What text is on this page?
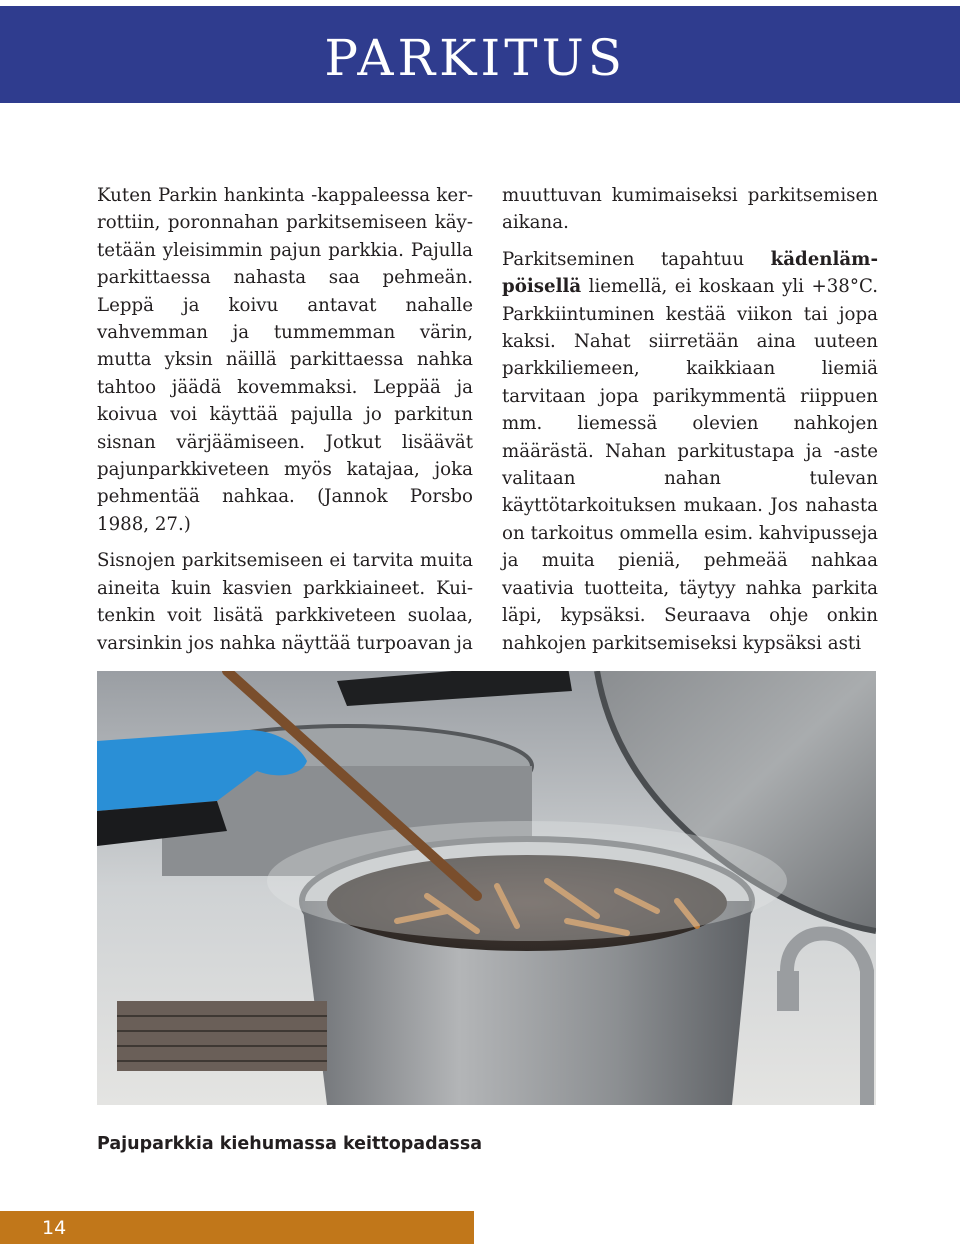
PARKITUS

Kuten Parkin hankinta -kappaleessa kerrottiin, poronnahan parkitsemiseen käytetään yleisimmin pajun parkkia. Pajulla parkittaessa nahasta saa pehmeän. Leppä ja koivu antavat nahalle vahvemman ja tummemman värin, mutta yksin näillä parkittaessa nahka tahtoo jäädä kovemmaksi. Leppää ja koivua voi käyttää pajulla jo parkitun sisnan värjäämiseen. Jotkut lisäävät pajunparkkiveteen myös katajaa, joka pehmentää nahkaa. (Jannok Porsbo 1988, 27.)

Sisnojen parkitsemiseen ei tarvita muita aineita kuin kasvien parkkiaineet. Kuitenkin voit lisätä parkkiveteen suolaa, varsinkin jos nahka näyttää turpoavan ja

muuttuvan kumimaiseksi parkitsemisen aikana.

Parkitseminen tapahtuu kädenlämpöisellä liemellä, ei koskaan yli +38°C. Parkkiintuminen kestää viikon tai jopa kaksi. Nahat siirretään aina uuteen parkkiliemeen, kaikkiaan liemiä tarvitaan jopa parikymmentä riippuen mm. liemessä olevien nahkojen määrästä. Nahan parkitustapa ja -aste valitaan nahan tulevan käyttötarkoituksen mukaan. Jos nahasta on tarkoitus ommella esim. kahvipusseja ja muita pieniä, pehmeää nahkaa vaativia tuotteita, täytyy nahka parkita läpi, kypsäksi. Seuraava ohje onkin nahkojen parkitsemiseksi kypsäksi asti

Pajuparkkia kiehumassa keittopadassa

14
